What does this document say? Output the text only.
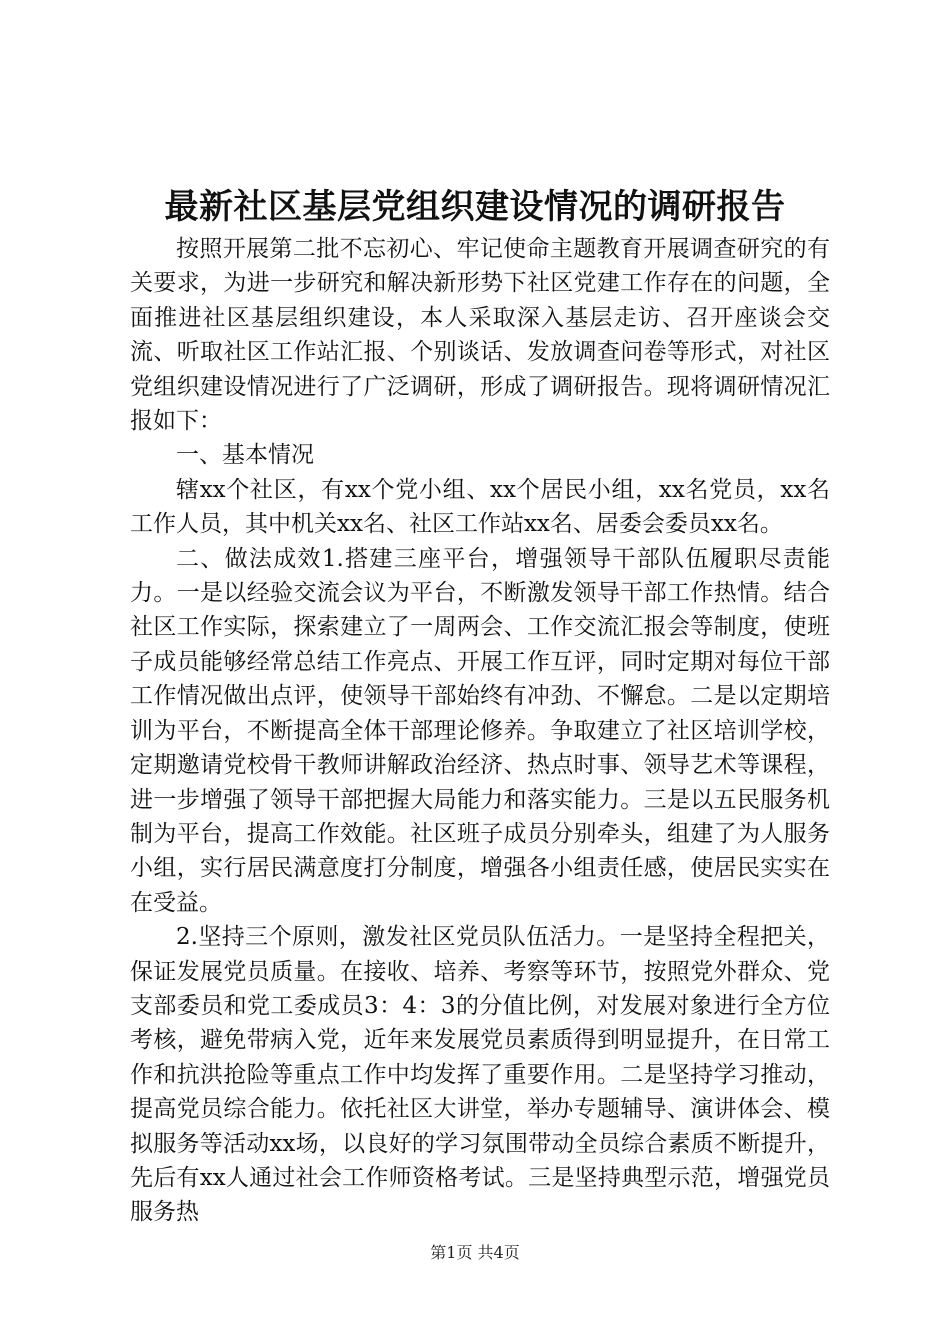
最新社区基层党组织建设情况的调研报告

按照开展第二批不忘初心、牢记使命主题教育开展调查研究的有关要求，为进一步研究和解决新形势下社区党建工作存在的问题，全面推进社区基层组织建设，本人采取深入基层走访、召开座谈会交流、听取社区工作站汇报、个别谈话、发放调查问卷等形式，对社区党组织建设情况进行了广泛调研，形成了调研报告。现将调研情况汇报如下：

一、基本情况

辖xx个社区，有xx个党小组、xx个居民小组，xx名党员，xx名工作人员，其中机关xx名、社区工作站xx名、居委会委员xx名。

二、做法成效1.搭建三座平台，增强领导干部队伍履职尽责能力。一是以经验交流会议为平台，不断激发领导干部工作热情。结合社区工作实际，探索建立了一周两会、工作交流汇报会等制度，使班子成员能够经常总结工作亮点、开展工作互评，同时定期对每位干部工作情况做出点评，使领导干部始终有冲劲、不懈怠。二是以定期培训为平台，不断提高全体干部理论修养。争取建立了社区培训学校，定期邀请党校骨干教师讲解政治经济、热点时事、领导艺术等课程，进一步增强了领导干部把握大局能力和落实能力。三是以五民服务机制为平台，提高工作效能。社区班子成员分别牵头，组建了为人服务小组，实行居民满意度打分制度，增强各小组责任感，使居民实实在在受益。

2.坚持三个原则，激发社区党员队伍活力。一是坚持全程把关，保证发展党员质量。在接收、培养、考察等环节，按照党外群众、党支部委员和党工委成员3：4：3的分值比例，对发展对象进行全方位考核，避免带病入党，近年来发展党员素质得到明显提升，在日常工作和抗洪抢险等重点工作中均发挥了重要作用。二是坚持学习推动，提高党员综合能力。依托社区大讲堂，举办专题辅导、演讲体会、模拟服务等活动xx场，以良好的学习氛围带动全员综合素质不断提升，先后有xx人通过社会工作师资格考试。三是坚持典型示范，增强党员服务热

第1页 共4页
